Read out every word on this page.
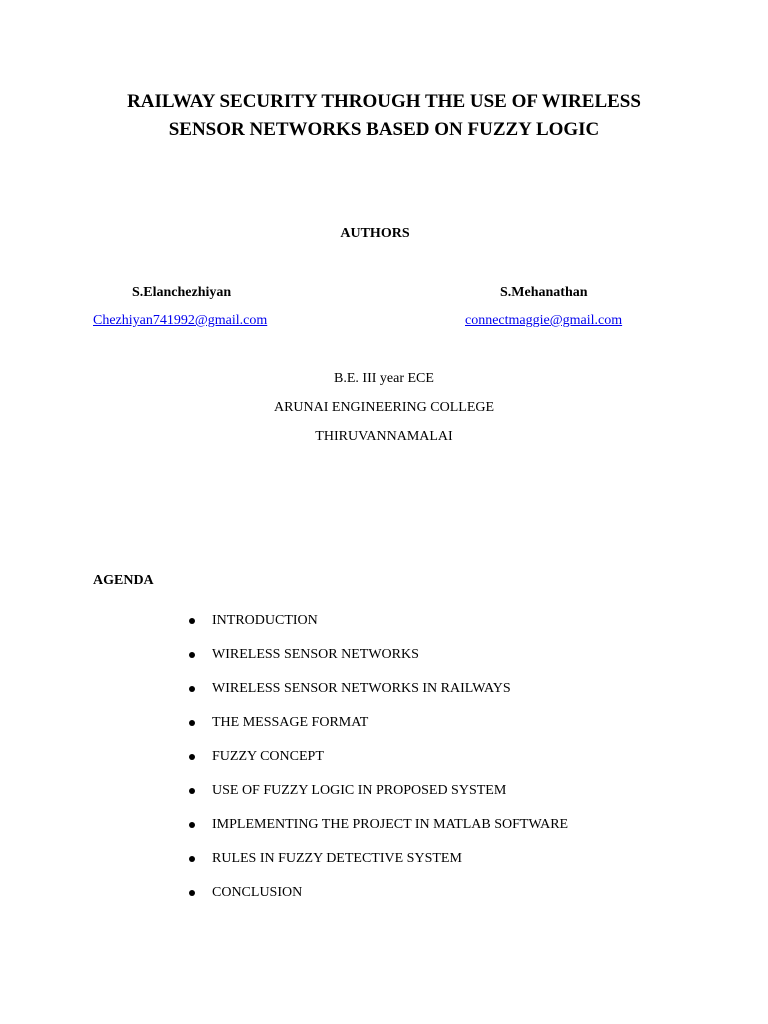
RAILWAY SECURITY THROUGH THE USE OF WIRELESS
SENSOR NETWORKS BASED ON FUZZY LOGIC
AUTHORS
S.Elanchezhiyan
Chezhiyan741992@gmail.com
S.Mehanathan
connectmaggie@gmail.com
B.E. III year ECE
ARUNAI ENGINEERING COLLEGE
THIRUVANNAMALAI
AGENDA
INTRODUCTION
WIRELESS SENSOR NETWORKS
WIRELESS SENSOR NETWORKS IN RAILWAYS
THE MESSAGE FORMAT
FUZZY CONCEPT
USE OF FUZZY LOGIC IN PROPOSED SYSTEM
IMPLEMENTING THE PROJECT IN MATLAB SOFTWARE
RULES IN FUZZY DETECTIVE SYSTEM
CONCLUSION
